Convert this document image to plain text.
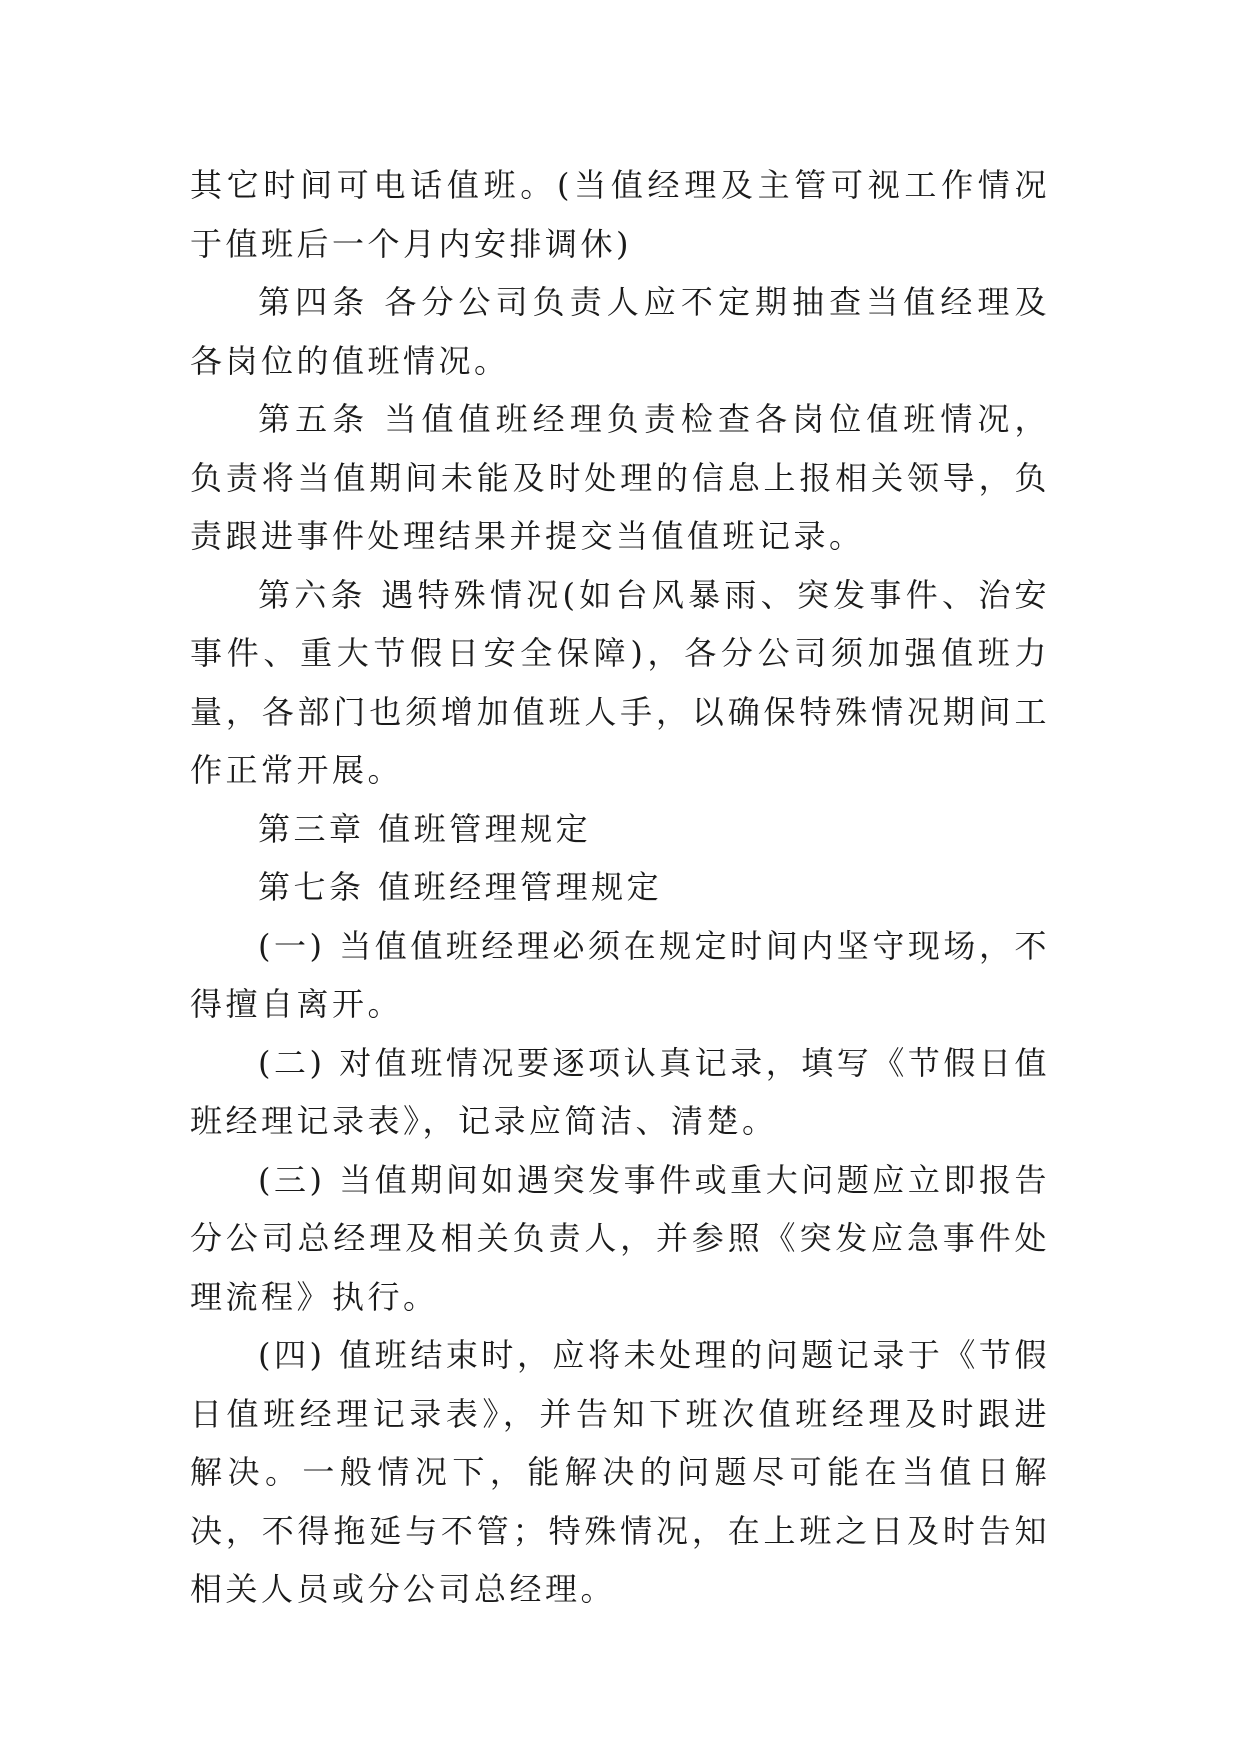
其它时间可电话值班。(当值经理及主管可视工作情况于值班后一个月内安排调休)

第四条 各分公司负责人应不定期抽查当值经理及各岗位的值班情况。

第五条 当值值班经理负责检查各岗位值班情况，负责将当值期间未能及时处理的信息上报相关领导，负责跟进事件处理结果并提交当值值班记录。

第六条 遇特殊情况(如台风暴雨、突发事件、治安事件、重大节假日安全保障)，各分公司须加强值班力量，各部门也须增加值班人手，以确保特殊情况期间工作正常开展。

第三章 值班管理规定

第七条 值班经理管理规定

(一) 当值值班经理必须在规定时间内坚守现场，不得擅自离开。

(二) 对值班情况要逐项认真记录，填写《节假日值班经理记录表》，记录应简洁、清楚。

(三) 当值期间如遇突发事件或重大问题应立即报告分公司总经理及相关负责人，并参照《突发应急事件处理流程》执行。

(四) 值班结束时，应将未处理的问题记录于《节假日值班经理记录表》，并告知下班次值班经理及时跟进解决。一般情况下，能解决的问题尽可能在当值日解决，不得拖延与不管；特殊情况，在上班之日及时告知相关人员或分公司总经理。
